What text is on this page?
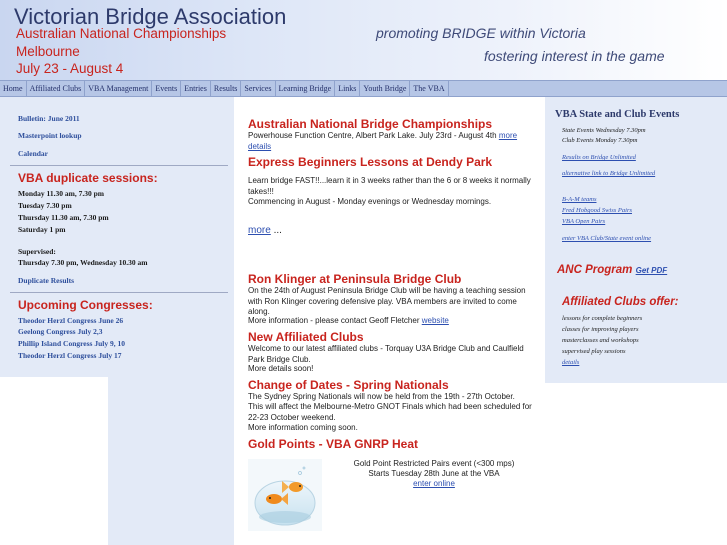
Victorian Bridge Association
Australian National Championships
Melbourne
July 23 - August 4
promoting BRIDGE within Victoria
fostering interest in the game
Home Affiliated Clubs VBA Management Events Entries Results Services Learning Bridge Links Youth Bridge The VBA
Bulletin: June 2011
Masterpoint lookup
Calendar
VBA duplicate sessions:
Monday 11.30 am, 7.30 pm
Tuesday 7.30 pm
Thursday 11.30 am, 7.30 pm
Saturday 1 pm
Supervised:
Thursday 7.30 pm, Wednesday 10.30 am
Duplicate Results
Upcoming Congresses:
Theodor Herzl Congress June 26
Geelong Congress July 2,3
Phillip Island Congress July 9, 10
Theodor Herzl Congress July 17
Australian National Bridge Championships
Powerhouse Function Centre, Albert Park Lake. July 23rd - August 4th more details
Express Beginners Lessons at Dendy Park
Learn bridge FAST!!...learn it in 3 weeks rather than the 6 or 8 weeks it normally takes!!!
Commencing in August - Monday evenings or Wednesday mornings.
more ...
Ron Klinger at Peninsula Bridge Club
On the 24th of August Peninsula Bridge Club will be having a teaching session with Ron Klinger covering defensive play. VBA members are invited to come along.
More information - please contact Geoff Fletcher website
New Affiliated Clubs
Welcome to our latest affiliated clubs - Torquay U3A Bridge Club and Caulfield Park Bridge Club.
More details soon!
Change of Dates - Spring Nationals
The Sydney Spring Nationals will now be held from the 19th - 27th October.
This will affect the Melbourne-Metro GNOT Finals which had been scheduled for 22-23 October weekend.
More information coming soon.
Gold Points - VBA GNRP Heat
Gold Point Restricted Pairs event (<300 mps)
Starts Tuesday 28th June at the VBA
enter online
VBA State and Club Events
State Events Wednesday 7.30pm
Club Events Monday 7.30pm
Results on Bridge Unlimited
alternative link to Bridge Unlimited
B-A-M teams
Fred Hobgood Swiss Pairs
VBA Open Pairs
enter VBA Club/State event online
ANC Program Get PDF
Affiliated Clubs offer:
lessons for complete beginners
classes for improving players
masterclasses and workshops
supervised play sessions
details
